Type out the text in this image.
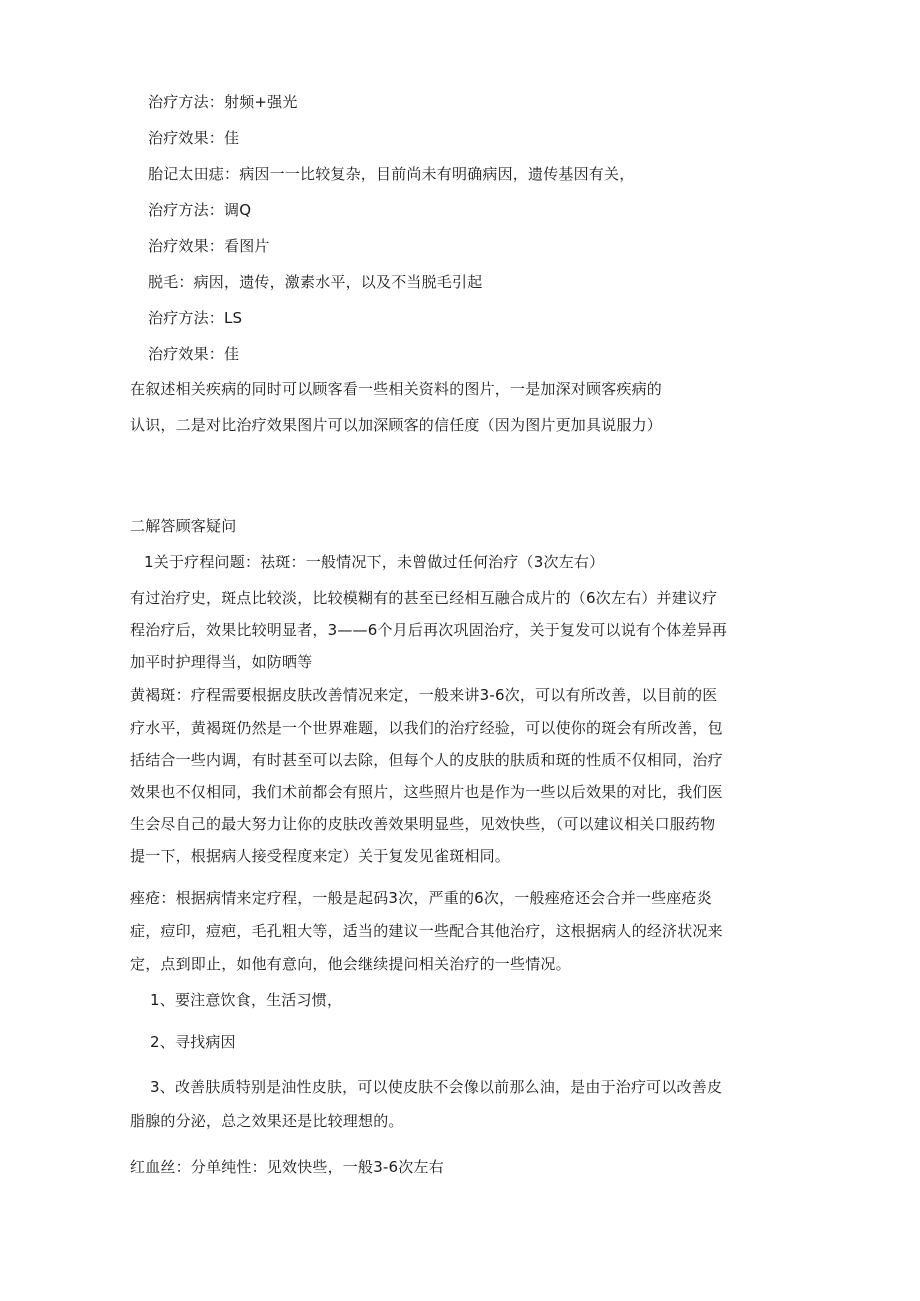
治疗方法：射频+强光

治疗效果：佳

胎记太田痣：病因一一比较复杂，目前尚未有明确病因，遗传基因有关，

治疗方法：调Q

治疗效果：看图片

脱毛：病因，遗传，激素水平，以及不当脱毛引起

治疗方法：LS

治疗效果：佳

在叙述相关疾病的同时可以顾客看一些相关资料的图片，一是加深对顾客疾病的

认识，二是对比治疗效果图片可以加深顾客的信任度（因为图片更加具说服力）

二解答顾客疑问

1关于疗程问题：祛斑：一般情况下，未曾做过任何治疗（3次左右）

有过治疗史，斑点比较淡，比较模糊有的甚至已经相互融合成片的（6次左右）并建议疗

程治疗后，效果比较明显者，3——6个月后再次巩固治疗，关于复发可以说有个体差异再

加平时护理得当，如防晒等

黄褐斑：疗程需要根据皮肤改善情况来定，一般来讲3-6次，可以有所改善，以目前的医

疗水平，黄褐斑仍然是一个世界难题，以我们的治疗经验，可以使你的斑会有所改善，包

括结合一些内调，有时甚至可以去除，但每个人的皮肤的肤质和斑的性质不仅相同，治疗

效果也不仅相同，我们术前都会有照片，这些照片也是作为一些以后效果的对比，我们医

生会尽自己的最大努力让你的皮肤改善效果明显些，见效快些，（可以建议相关口服药物

提一下，根据病人接受程度来定）关于复发见雀斑相同。

痤疮：根据病情来定疗程，一般是起码3次，严重的6次，一般痤疮还会合并一些座疮炎

症，痘印，痘疤，毛孔粗大等，适当的建议一些配合其他治疗，这根据病人的经济状况来

定，点到即止，如他有意向，他会继续提问相关治疗的一些情况。

1、要注意饮食，生活习惯，

2、寻找病因

3、改善肤质特别是油性皮肤，可以使皮肤不会像以前那么油，是由于治疗可以改善皮

脂腺的分泌，总之效果还是比较理想的。

红血丝：分单纯性：见效快些，一般3-6次左右
